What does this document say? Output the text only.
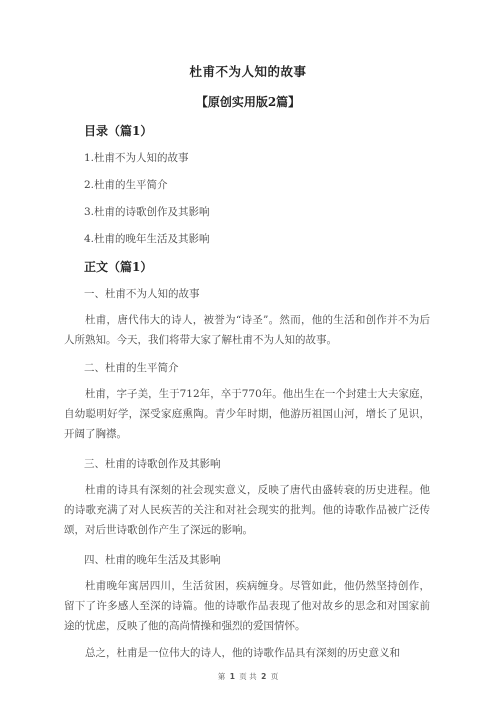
杜甫不为人知的故事
【原创实用版2篇】
目录（篇1）
1.杜甫不为人知的故事
2.杜甫的生平简介
3.杜甫的诗歌创作及其影响
4.杜甫的晚年生活及其影响
正文（篇1）
一、杜甫不为人知的故事
杜甫，唐代伟大的诗人，被誉为“诗圣”。然而，他的生活和创作并不为后人所熟知。今天，我们将带大家了解杜甫不为人知的故事。
二、杜甫的生平简介
杜甫，字子美，生于712年，卒于770年。他出生在一个封建士大夫家庭，自幼聪明好学，深受家庭熏陶。青少年时期，他游历祖国山河，增长了见识，开阔了胸襟。
三、杜甫的诗歌创作及其影响
杜甫的诗具有深刻的社会现实意义，反映了唐代由盛转衰的历史进程。他的诗歌充满了对人民疾苦的关注和对社会现实的批判。他的诗歌作品被广泛传颂，对后世诗歌创作产生了深远的影响。
四、杜甫的晚年生活及其影响
杜甫晚年寓居四川，生活贫困，疾病缠身。尽管如此，他仍然坚持创作，留下了许多感人至深的诗篇。他的诗歌作品表现了他对故乡的思念和对国家前途的忧虑，反映了他的高尚情操和强烈的爱国情怀。
总之，杜甫是一位伟大的诗人，他的诗歌作品具有深刻的历史意义和
第 1 页 共 2 页
